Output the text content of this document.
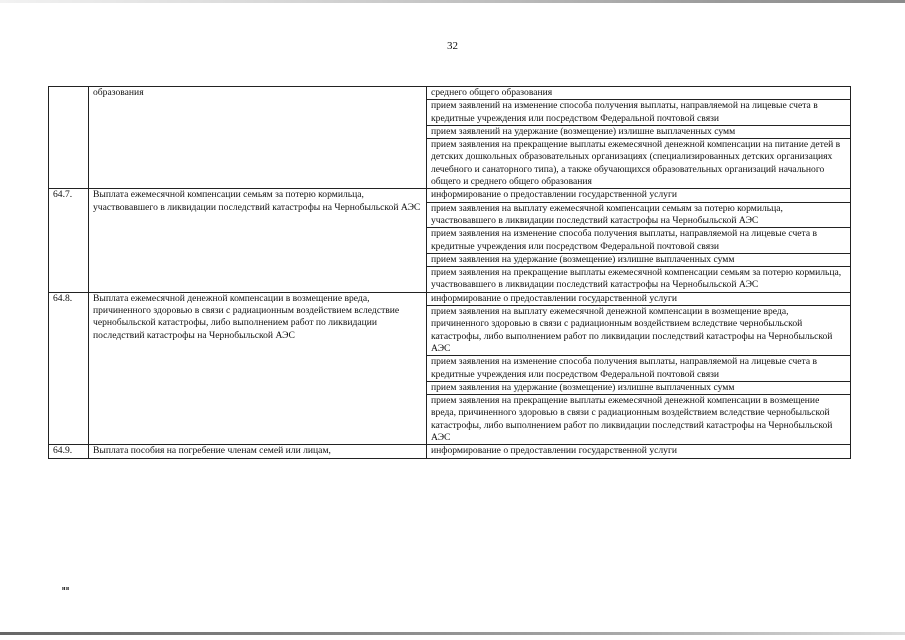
32
	образования	среднего общего образования
		прием заявлений на изменение способа получения выплаты, направляемой на лицевые счета в кредитные учреждения или посредством Федеральной почтовой связи
		прием заявлений на удержание (возмещение) излишне выплаченных сумм
		прием заявления на прекращение выплаты ежемесячной денежной компенсации на питание детей в детских дошкольных образовательных организациях (специализированных детских организациях лечебного и санаторного типа), а также обучающихся образовательных организаций начального общего и среднего общего образования
64.7.	Выплата ежемесячной компенсации семьям за потерю кормильца, участвовавшего в ликвидации последствий катастрофы на Чернобыльской АЭС	информирование о предоставлении государственной услуги
		прием заявления на выплату ежемесячной компенсации семьям за потерю кормильца, участвовавшего в ликвидации последствий катастрофы на Чернобыльской АЭС
		прием заявления на изменение способа получения выплаты, направляемой на лицевые счета в кредитные учреждения или посредством Федеральной почтовой связи
		прием заявления на удержание (возмещение) излишне выплаченных сумм
		прием заявления на прекращение выплаты ежемесячной компенсации семьям за потерю кормильца, участвовавшего в ликвидации последствий катастрофы на Чернобыльской АЭС
64.8.	Выплата ежемесячной денежной компенсации в возмещение вреда, причиненного здоровью в связи с радиационным воздействием вследствие чернобыльской катастрофы, либо выполнением работ по ликвидации последствий катастрофы на Чернобыльской АЭС	информирование о предоставлении государственной услуги
		прием заявления на выплату ежемесячной денежной компенсации в возмещение вреда, причиненного здоровью в связи с радиационным воздействием вследствие чернобыльской катастрофы, либо выполнением работ по ликвидации последствий катастрофы на Чернобыльской АЭС
		прием заявления на изменение способа получения выплаты, направляемой на лицевые счета в кредитные учреждения или посредством Федеральной почтовой связи
		прием заявления на удержание (возмещение) излишне выплаченных сумм
		прием заявления на прекращение выплаты ежемесячной денежной компенсации в возмещение вреда, причиненного здоровью в связи с радиационным воздействием вследствие чернобыльской катастрофы, либо выполнением работ по ликвидации последствий катастрофы на Чернобыльской АЭС
64.9.	Выплата пособия на погребение членам семей или лицам,	информирование о предоставлении государственной услуги
нв
